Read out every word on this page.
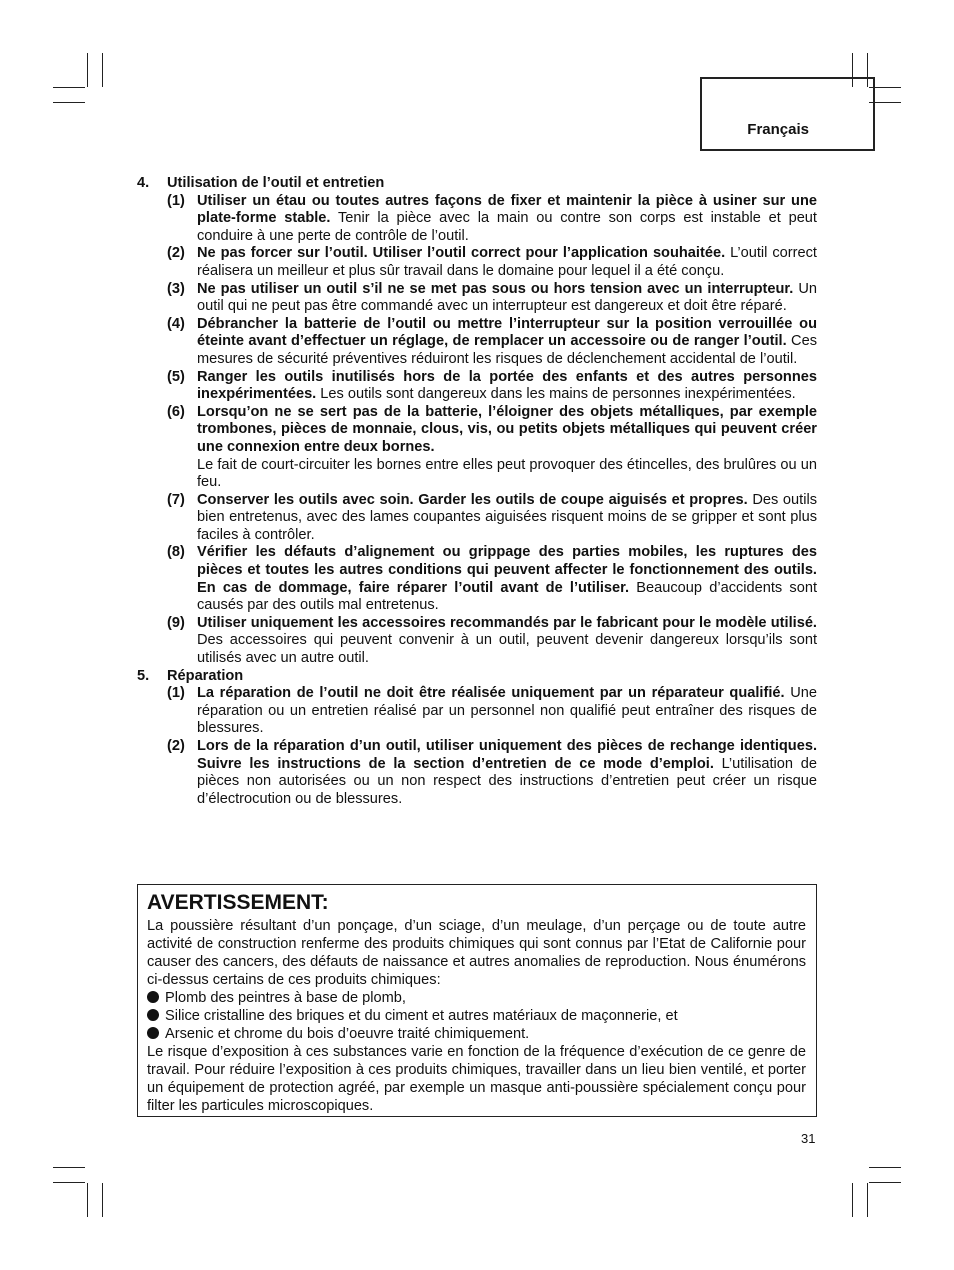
Français
4.	Utilisation de l’outil et entretien
(1) Utiliser un étau ou toutes autres façons de fixer et maintenir la pièce à usiner sur une plate-forme stable. Tenir la pièce avec la main ou contre son corps est instable et peut conduire à une perte de contrôle de l’outil.
(2) Ne pas forcer sur l’outil. Utiliser l’outil correct pour l’application souhaitée. L’outil correct réalisera un meilleur et plus sûr travail dans le domaine pour lequel il a été conçu.
(3) Ne pas utiliser un outil s’il ne se met pas sous ou hors tension avec un interrupteur. Un outil qui ne peut pas être commandé avec un interrupteur est dangereux et doit être réparé.
(4) Débrancher la batterie de l’outil ou mettre l’interrupteur sur la position verrouillée ou éteinte avant d’effectuer un réglage, de remplacer un accessoire ou de ranger l’outil. Ces mesures de sécurité préventives réduiront les risques de déclenchement accidental de l’outil.
(5) Ranger les outils inutilisés hors de la portée des enfants et des autres personnes inexpérimentées. Les outils sont dangereux dans les mains de personnes inexpérimentées.
(6) Lorsqu’on ne se sert pas de la batterie, l’éloigner des objets métalliques, par exemple trombones, pièces de monnaie, clous, vis, ou petits objets métalliques qui peuvent créer une connexion entre deux bornes.
Le fait de court-circuiter les bornes entre elles peut provoquer des étincelles, des brulûres ou un feu.
(7) Conserver les outils avec soin. Garder les outils de coupe aiguisés et propres. Des outils bien entretenus, avec des lames coupantes aiguisées risquent moins de se gripper et sont plus faciles à contrôler.
(8) Vérifier les défauts d’alignement ou grippage des parties mobiles, les ruptures des pièces et toutes les autres conditions qui peuvent affecter le fonctionnement des outils. En cas de dommage, faire réparer l’outil avant de l’utiliser. Beaucoup d’accidents sont causés par des outils mal entretenus.
(9) Utiliser uniquement les accessoires recommandés par le fabricant pour le modèle utilisé. Des accessoires qui peuvent convenir à un outil, peuvent devenir dangereux lorsqu’ils sont utilisés avec un autre outil.
5.	Réparation
(1) La réparation de l’outil ne doit être réalisée uniquement par un réparateur qualifié. Une réparation ou un entretien réalisé par un personnel non qualifié peut entraîner des risques de blessures.
(2) Lors de la réparation d’un outil, utiliser uniquement des pièces de rechange identiques. Suivre les instructions de la section d’entretien de ce mode d’emploi. L’utilisation de pièces non autorisées ou un non respect des instructions d’entretien peut créer un risque d’électrocution ou de blessures.
AVERTISSEMENT:

La poussière résultant d’un ponçage, d’un sciage, d’un meulage, d’un perçage ou de toute autre activité de construction renferme des produits chimiques qui sont connus par l’Etat de Californie pour causer des cancers, des défauts de naissance et autres anomalies de reproduction. Nous énumérons ci-dessus certains de ces produits chimiques:

Plomb des peintres à base de plomb,
Silice cristalline des briques et du ciment et autres matériaux de maçonnerie, et
Arsenic et chrome du bois d’oeuvre traité chimiquement.

Le risque d’exposition à ces substances varie en fonction de la fréquence d’exécution de ce genre de travail. Pour réduire l’exposition à ces produits chimiques, travailler dans un lieu bien ventilé, et porter un équipement de protection agréé, par exemple un masque anti-poussière spécialement conçu pour filter les particules microscopiques.

31
